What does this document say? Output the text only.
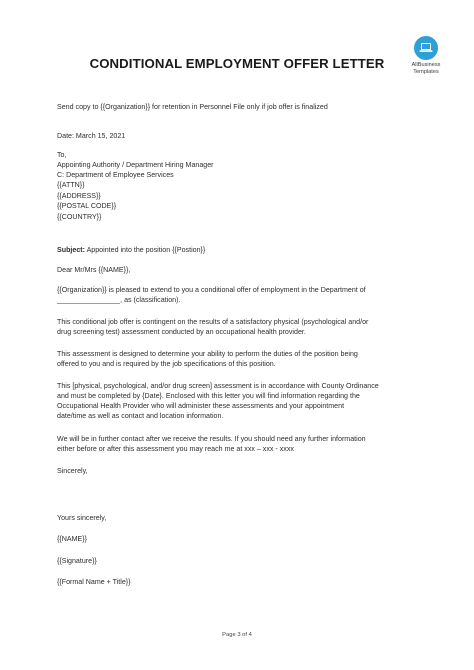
AllBusiness
Templates
CONDITIONAL EMPLOYMENT OFFER LETTER
Send copy to {{Organization}} for retention in Personnel File only if job offer is finalized
Date: March 15, 2021
To,
Appointing Authority / Department Hiring Manager
C: Department of Employee Services
{{ATTN}}
{{ADDRESS}}
{{POSTAL CODE}}
{{COUNTRY}}
Subject: Appointed into the position {{Postion}}
Dear Mr/Mrs {{NAME}},
{{Organization}} is pleased to extend to you a conditional offer of employment in the Department of
________________, as (classification).
This conditional job offer is contingent on the results of a satisfactory physical (psychological and/or
drug screening test) assessment conducted by an occupational health provider.
This assessment is designed to determine your ability to perform the duties of the position being
offered to you and is required by the job specifications of this position.
This [physical, psychological, and/or drug screen] assessment is in accordance with County Ordinance
and must be completed by {Date}. Enclosed with this letter you will find information regarding the
Occupational Health Provider who will administer these assessments and your appointment
date/time as well as contact and location information.
We will be in further contact after we receive the results. If you should need any further information
either before or after this assessment you may reach me at xxx – xxx - xxxx
Sincerely,
Yours sincerely,
{{NAME}}
{{Signature}}
{{Formal Name + Title}}
Page 3 of 4
